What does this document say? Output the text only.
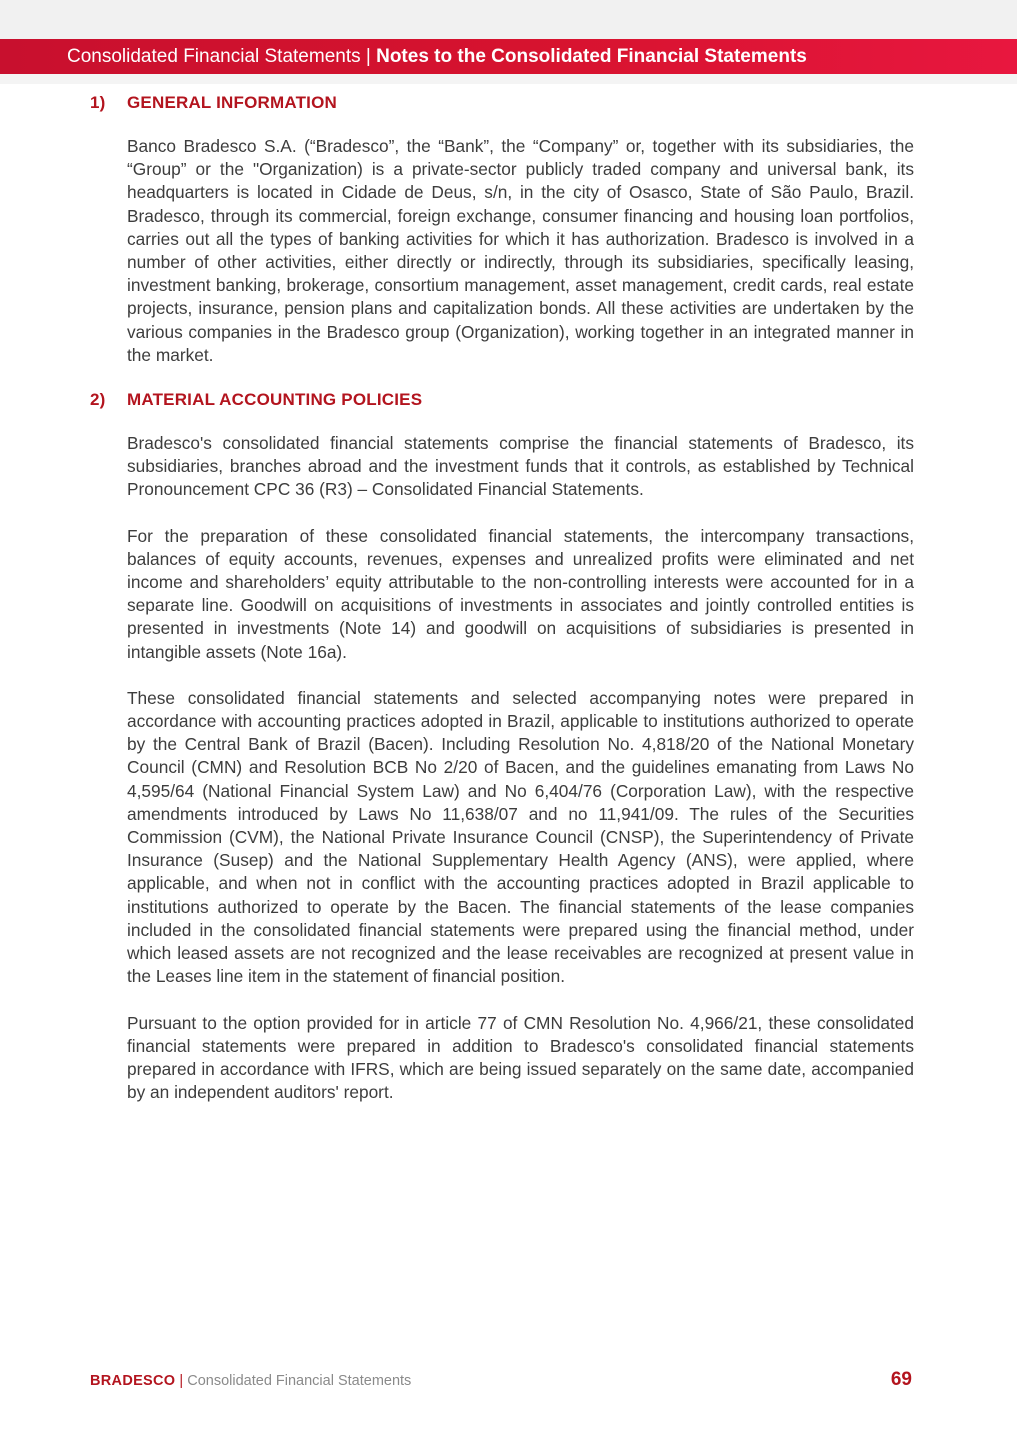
Consolidated Financial Statements | Notes to the Consolidated Financial Statements
1)	GENERAL INFORMATION
Banco Bradesco S.A. (“Bradesco”, the “Bank”, the “Company” or, together with its subsidiaries, the “Group” or the "Organization) is a private-sector publicly traded company and universal bank, its headquarters is located in Cidade de Deus, s/n, in the city of Osasco, State of São Paulo, Brazil. Bradesco, through its commercial, foreign exchange, consumer financing and housing loan portfolios, carries out all the types of banking activities for which it has authorization. Bradesco is involved in a number of other activities, either directly or indirectly, through its subsidiaries, specifically leasing, investment banking, brokerage, consortium management, asset management, credit cards, real estate projects, insurance, pension plans and capitalization bonds. All these activities are undertaken by the various companies in the Bradesco group (Organization), working together in an integrated manner in the market.
2)	MATERIAL ACCOUNTING POLICIES
Bradesco's consolidated financial statements comprise the financial statements of Bradesco, its subsidiaries, branches abroad and the investment funds that it controls, as established by Technical Pronouncement CPC 36 (R3) – Consolidated Financial Statements.
For the preparation of these consolidated financial statements, the intercompany transactions, balances of equity accounts, revenues, expenses and unrealized profits were eliminated and net income and shareholders’ equity attributable to the non-controlling interests were accounted for in a separate line. Goodwill on acquisitions of investments in associates and jointly controlled entities is presented in investments (Note 14) and goodwill on acquisitions of subsidiaries is presented in intangible assets (Note 16a).
These consolidated financial statements and selected accompanying notes were prepared in accordance with accounting practices adopted in Brazil, applicable to institutions authorized to operate by the Central Bank of Brazil (Bacen). Including Resolution No. 4,818/20 of the National Monetary Council (CMN) and Resolution BCB No 2/20 of Bacen, and the guidelines emanating from Laws No 4,595/64 (National Financial System Law) and No 6,404/76 (Corporation Law), with the respective amendments introduced by Laws No 11,638/07 and no 11,941/09. The rules of the Securities Commission (CVM), the National Private Insurance Council (CNSP), the Superintendency of Private Insurance (Susep) and the National Supplementary Health Agency (ANS), were applied, where applicable, and when not in conflict with the accounting practices adopted in Brazil applicable to institutions authorized to operate by the Bacen. The financial statements of the lease companies included in the consolidated financial statements were prepared using the financial method, under which leased assets are not recognized and the lease receivables are recognized at present value in the Leases line item in the statement of financial position.
Pursuant to the option provided for in article 77 of CMN Resolution No. 4,966/21, these consolidated financial statements were prepared in addition to Bradesco's consolidated financial statements prepared in accordance with IFRS, which are being issued separately on the same date, accompanied by an independent auditors' report.
BRADESCO | Consolidated Financial Statements	69
